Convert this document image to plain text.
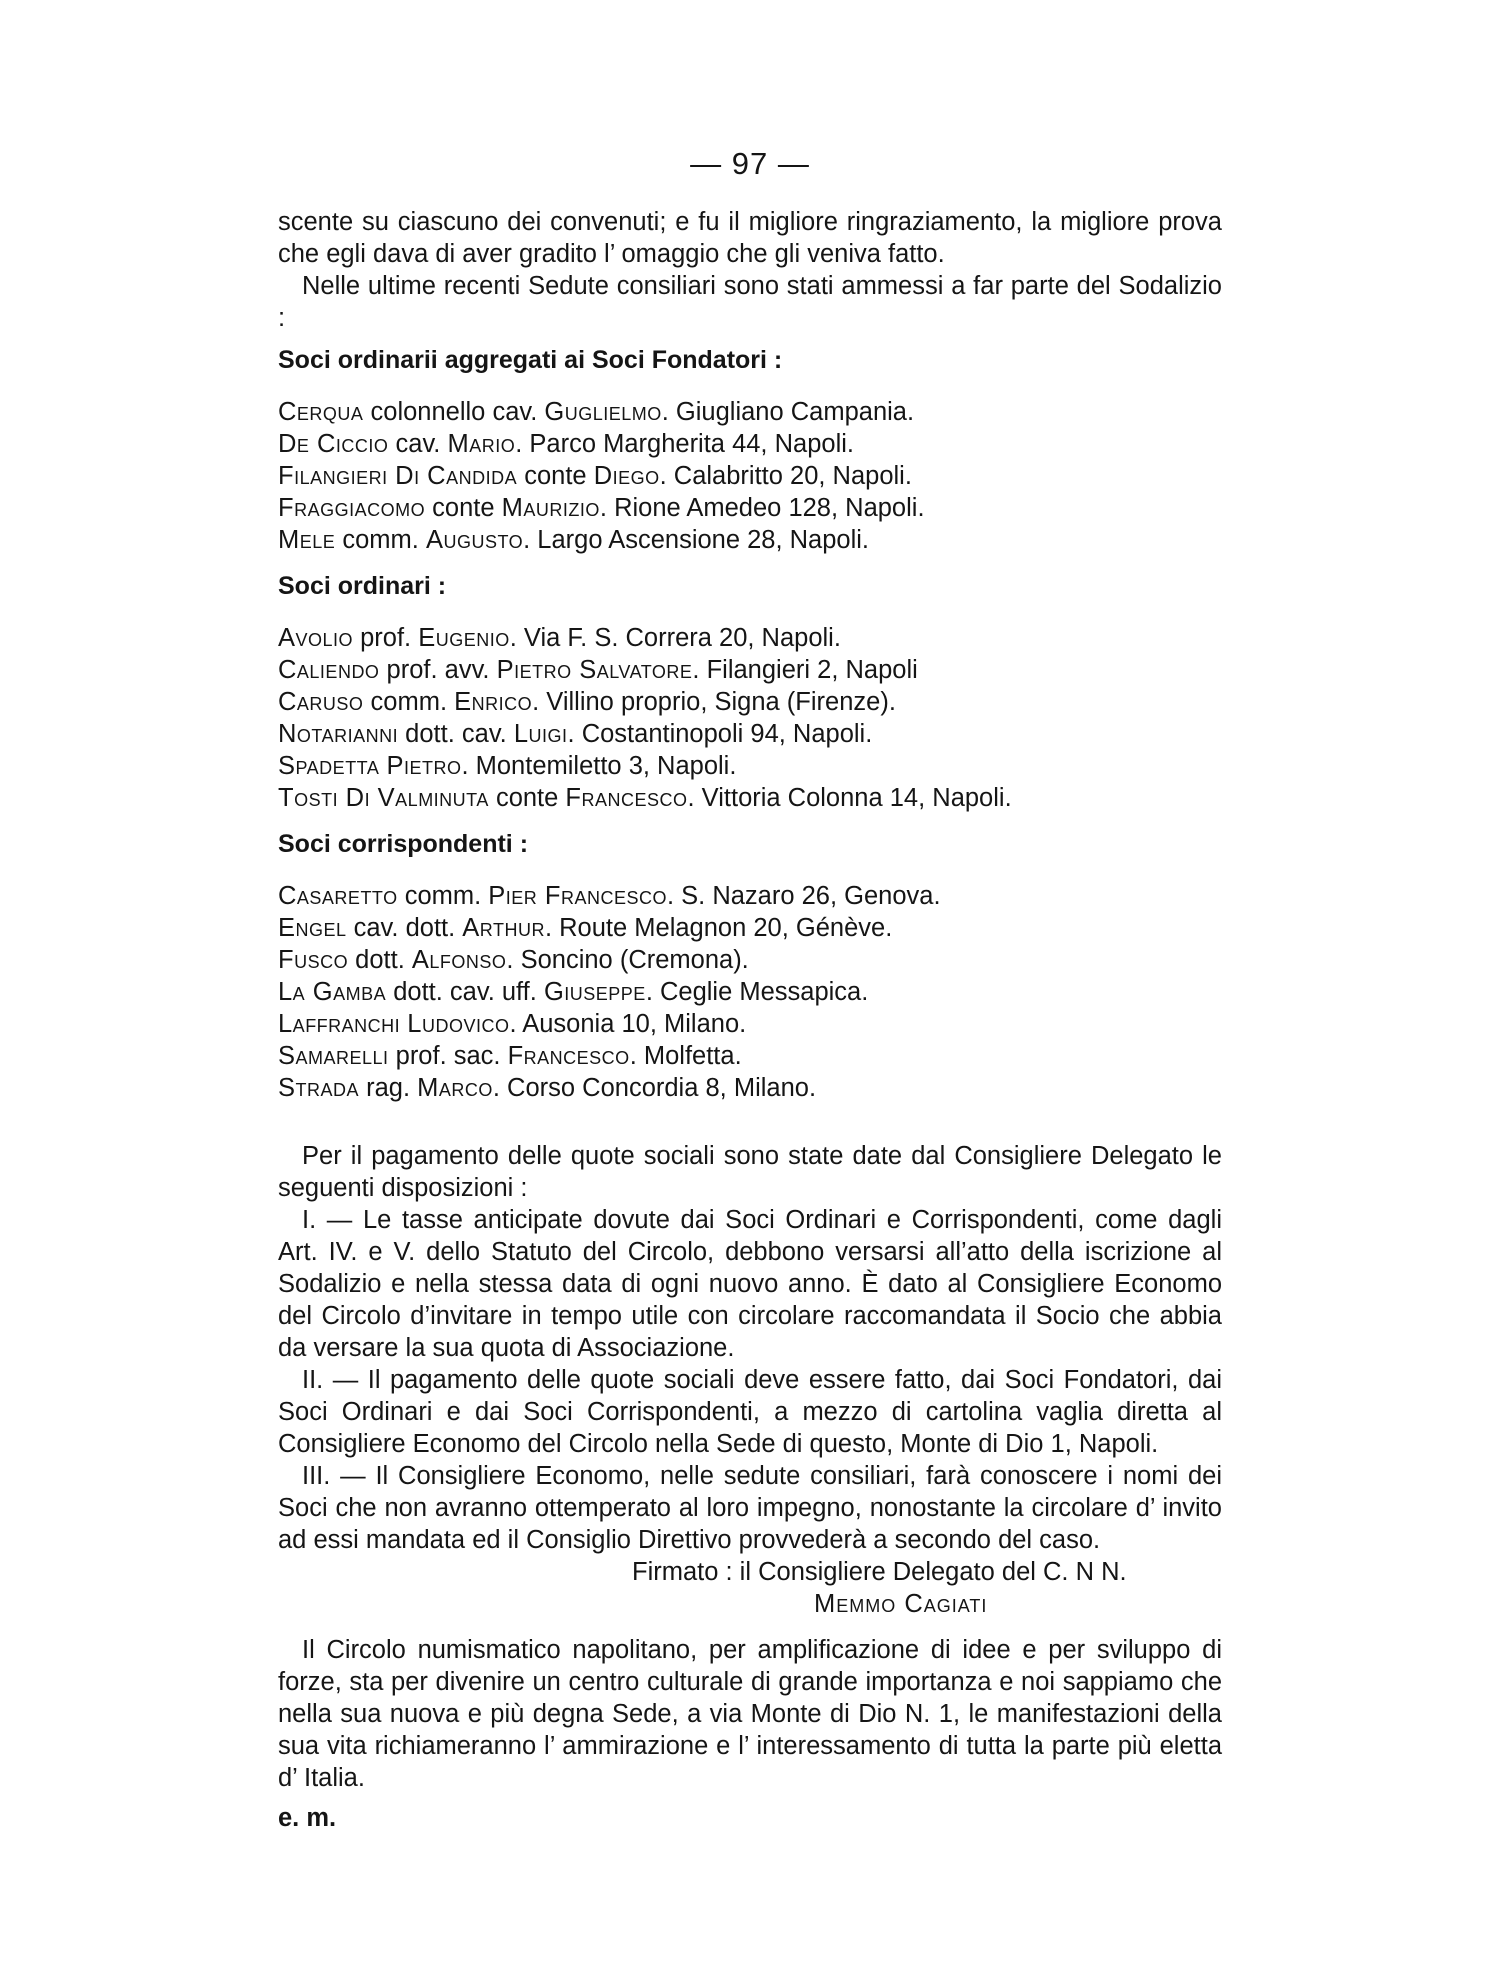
— 97 —

scente su ciascuno dei convenuti; e fu il migliore ringraziamento, la migliore prova che egli dava di aver gradito l’ omaggio che gli veniva fatto.

Nelle ultime recenti Sedute consiliari sono stati ammessi a far parte del Sodalizio :

Soci ordinarii aggregati ai Soci Fondatori :

Cerqua colonnello cav. Guglielmo. Giugliano Campania.

De Ciccio cav. Mario. Parco Margherita 44, Napoli.

Filangieri Di Candida conte Diego. Calabritto 20, Napoli.

Fraggiacomo conte Maurizio. Rione Amedeo 128, Napoli.

Mele comm. Augusto. Largo Ascensione 28, Napoli.

Soci ordinari :

Avolio prof. Eugenio. Via F. S. Correra 20, Napoli.

Caliendo prof. avv. Pietro Salvatore. Filangieri 2, Napoli

Caruso comm. Enrico. Villino proprio, Signa (Firenze).

Notarianni dott. cav. Luigi. Costantinopoli 94, Napoli.

Spadetta Pietro. Montemiletto 3, Napoli.

Tosti Di Valminuta conte Francesco. Vittoria Colonna 14, Napoli.

Soci corrispondenti :

Casaretto comm. Pier Francesco. S. Nazaro 26, Genova.

Engel cav. dott. Arthur. Route Melagnon 20, Génève.

Fusco dott. Alfonso. Soncino (Cremona).

La Gamba dott. cav. uff. Giuseppe. Ceglie Messapica.

Laffranchi Ludovico. Ausonia 10, Milano.

Samarelli prof. sac. Francesco. Molfetta.

Strada rag. Marco. Corso Concordia 8, Milano.

Per il pagamento delle quote sociali sono state date dal Consigliere Delegato le seguenti disposizioni :

I. — Le tasse anticipate dovute dai Soci Ordinari e Corrispondenti, come dagli Art. IV. e V. dello Statuto del Circolo, debbono versarsi all’atto della iscrizione al Sodalizio e nella stessa data di ogni nuovo anno. È dato al Consigliere Economo del Circolo d’invitare in tempo utile con circolare raccomandata il Socio che abbia da versare la sua quota di Associazione.

II. — Il pagamento delle quote sociali deve essere fatto, dai Soci Fondatori, dai Soci Ordinari e dai Soci Corrispondenti, a mezzo di cartolina vaglia diretta al Consigliere Economo del Circolo nella Sede di questo, Monte di Dio 1, Napoli.

III. — Il Consigliere Economo, nelle sedute consiliari, farà conoscere i nomi dei Soci che non avranno ottemperato al loro impegno, nonostante la circolare d’ invito ad essi mandata ed il Consiglio Direttivo provvederà a secondo del caso.

Firmato : il Consigliere Delegato del C. N N.

Memmo Cagiati

Il Circolo numismatico napolitano, per amplificazione di idee e per sviluppo di forze, sta per divenire un centro culturale di grande importanza e noi sappiamo che nella sua nuova e più degna Sede, a via Monte di Dio N. 1, le manifestazioni della sua vita richiameranno l’ ammirazione e l’ interessamento di tutta la parte più eletta d’ Italia.

e. m.
